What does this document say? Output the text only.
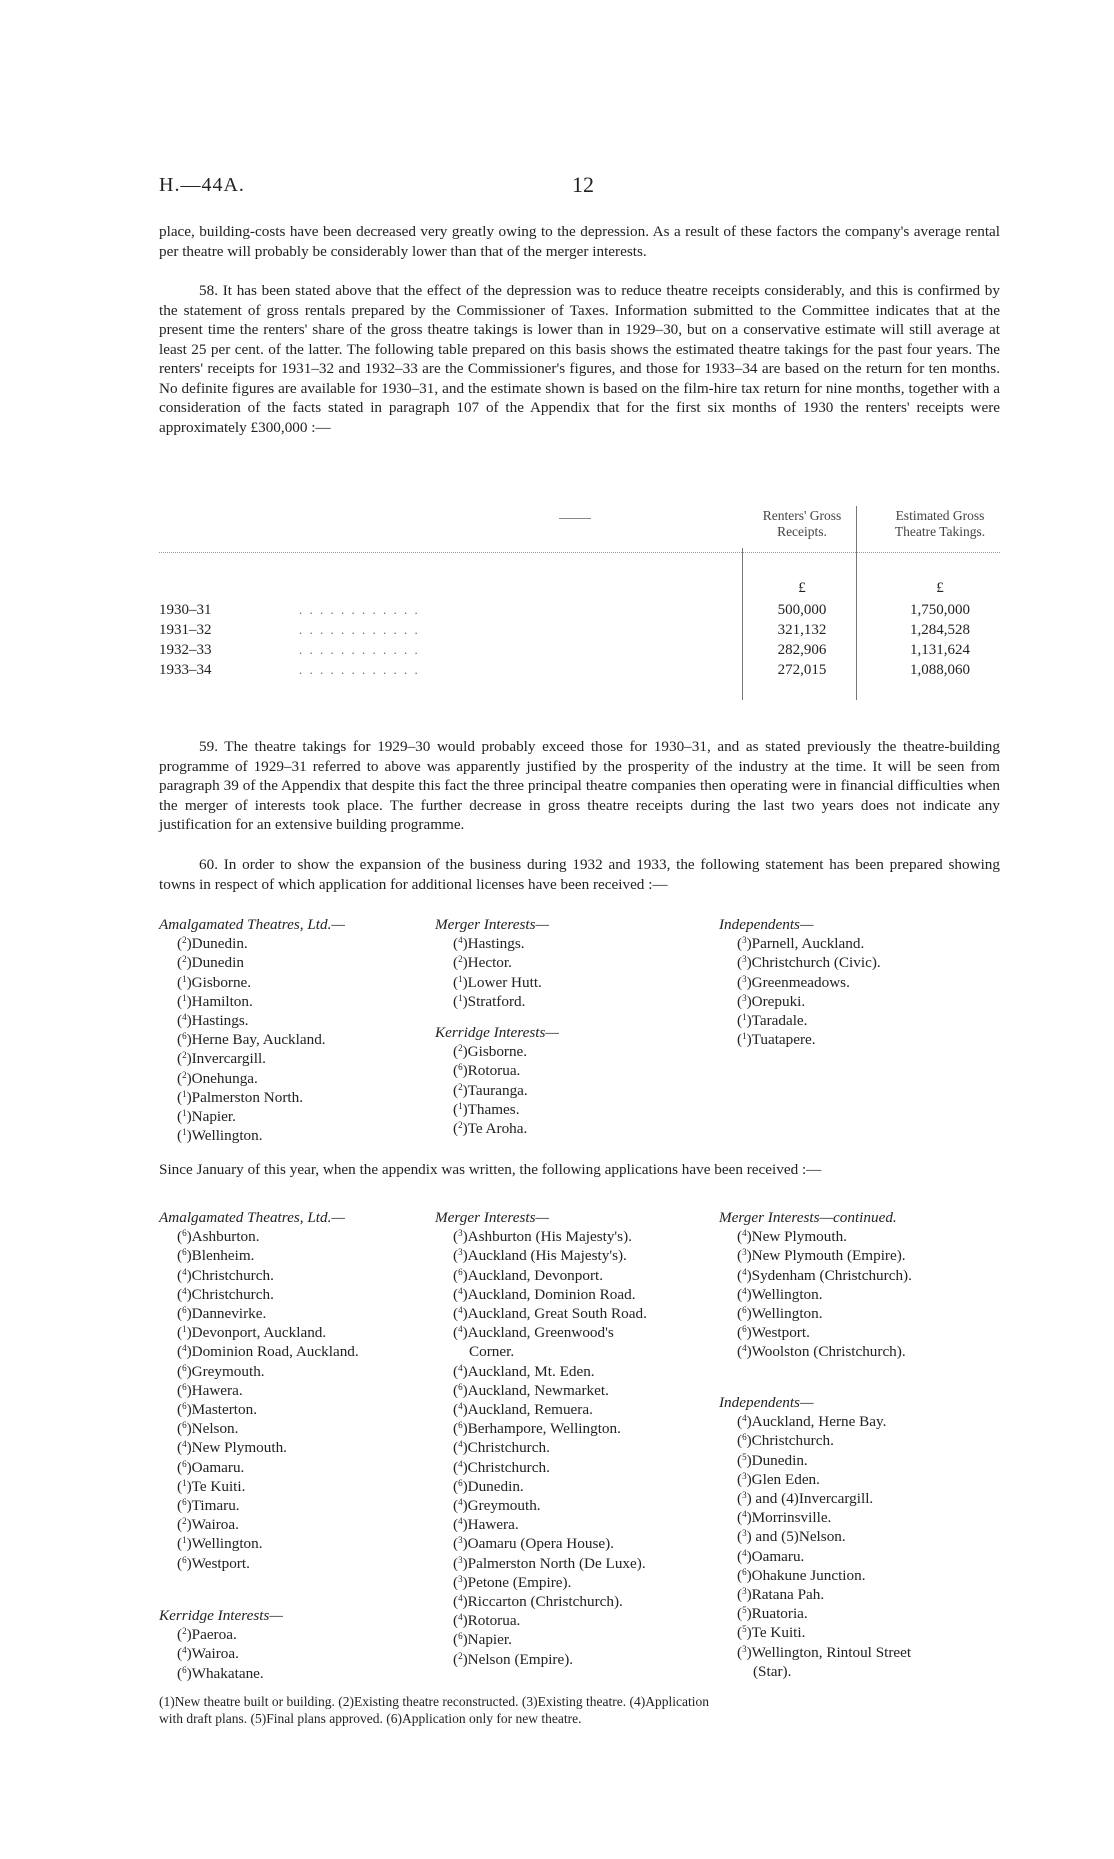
H.—44A.	12

place, building-costs have been decreased very greatly owing to the depression. As a result of these factors the company's average rental per theatre will probably be considerably lower than that of the merger interests.

58. It has been stated above that the effect of the depression was to reduce theatre receipts considerably, and this is confirmed by the statement of gross rentals prepared by the Commissioner of Taxes. Information submitted to the Committee indicates that at the present time the renters' share of the gross theatre takings is lower than in 1929–30, but on a conservative estimate will still average at least 25 per cent. of the latter. The following table prepared on this basis shows the estimated theatre takings for the past four years. The renters' receipts for 1931–32 and 1932–33 are the Commissioner's figures, and those for 1933–34 are based on the return for ten months. No definite figures are available for 1930–31, and the estimate shown is based on the film-hire tax return for nine months, together with a consideration of the facts stated in paragraph 107 of the Appendix that for the first six months of 1930 the renters' receipts were approximately £300,000 :—

Renters' Gross Receipts.
Estimated Gross Theatre Takings.
£	£
1930–31	. . . . . . . . . . . .	500,000	1,750,000
1931–32	. . . . . . . . . . . .	321,132	1,284,528
1932–33	. . . . . . . . . . . .	282,906	1,131,624
1933–34	. . . . . . . . . . . .	272,015	1,088,060

59. The theatre takings for 1929–30 would probably exceed those for 1930–31, and as stated previously the theatre-building programme of 1929–31 referred to above was apparently justified by the prosperity of the industry at the time. It will be seen from paragraph 39 of the Appendix that despite this fact the three principal theatre companies then operating were in financial difficulties when the merger of interests took place. The further decrease in gross theatre receipts during the last two years does not indicate any justification for an extensive building programme.

60. In order to show the expansion of the business during 1932 and 1933, the following statement has been prepared showing towns in respect of which application for additional licenses have been received :—

Amalgamated Theatres, Ltd.—
($^2$)Dunedin.
($^2$)Dunedin
($^1$)Gisborne.
($^1$)Hamilton.
($^4$)Hastings.
($^6$)Herne Bay, Auckland.
($^2$)Invercargill.
($^2$)Onehunga.
($^1$)Palmerston North.
($^1$)Napier.
($^1$)Wellington.
Merger Interests—
($^4$)Hastings.
($^2$)Hector.
($^1$)Lower Hutt.
($^1$)Stratford.
Kerridge Interests—
($^2$)Gisborne.
($^6$)Rotorua.
($^2$)Tauranga.
($^1$)Thames.
($^2$)Te Aroha.
Independents—
($^3$)Parnell, Auckland.
($^3$)Christchurch (Civic).
($^3$)Greenmeadows.
($^3$)Orepuki.
($^1$)Taradale.
($^1$)Tuatapere.

Since January of this year, when the appendix was written, the following applications have been received :—

Amalgamated Theatres, Ltd.—
($^6$)Ashburton.
($^6$)Blenheim.
($^4$)Christchurch.
($^4$)Christchurch.
($^6$)Dannevirke.
($^1$)Devonport, Auckland.
($^4$)Dominion Road, Auckland.
($^6$)Greymouth.
($^6$)Hawera.
($^6$)Masterton.
($^6$)Nelson.
($^4$)New Plymouth.
($^6$)Oamaru.
($^1$)Te Kuiti.
($^6$)Timaru.
($^2$)Wairoa.
($^1$)Wellington.
($^6$)Westport.
Kerridge Interests—
($^2$)Paeroa.
($^4$)Wairoa.
($^6$)Whakatane.
Merger Interests—
($^3$)Ashburton (His Majesty's).
($^3$)Auckland (His Majesty's).
($^6$)Auckland, Devonport.
($^4$)Auckland, Dominion Road.
($^4$)Auckland, Great South Road.
($^4$)Auckland, Greenwood's
Corner.
($^4$)Auckland, Mt. Eden.
($^6$)Auckland, Newmarket.
($^4$)Auckland, Remuera.
($^6$)Berhampore, Wellington.
($^4$)Christchurch.
($^4$)Christchurch.
($^6$)Dunedin.
($^4$)Greymouth.
($^4$)Hawera.
($^3$)Oamaru (Opera House).
($^3$)Palmerston North (De Luxe).
($^3$)Petone (Empire).
($^4$)Riccarton (Christchurch).
($^4$)Rotorua.
($^6$)Napier.
($^2$)Nelson (Empire).
Merger Interests—continued.
($^4$)New Plymouth.
($^3$)New Plymouth (Empire).
($^4$)Sydenham (Christchurch).
($^4$)Wellington.
($^6$)Wellington.
($^6$)Westport.
($^4$)Woolston (Christchurch).
Independents—
($^4$)Auckland, Herne Bay.
($^6$)Christchurch.
($^5$)Dunedin.
($^3$)Glen Eden.
($^3$) and (4)Invercargill.
($^4$)Morrinsville.
($^3$) and (5)Nelson.
($^4$)Oamaru.
($^6$)Ohakune Junction.
($^3$)Ratana Pah.
($^5$)Ruatoria.
($^5$)Te Kuiti.
($^3$)Wellington, Rintoul Street
(Star).
(1)New theatre built or building. (2)Existing theatre reconstructed. (3)Existing theatre. (4)Application
with draft plans. (5)Final plans approved. (6)Application only for new theatre.
